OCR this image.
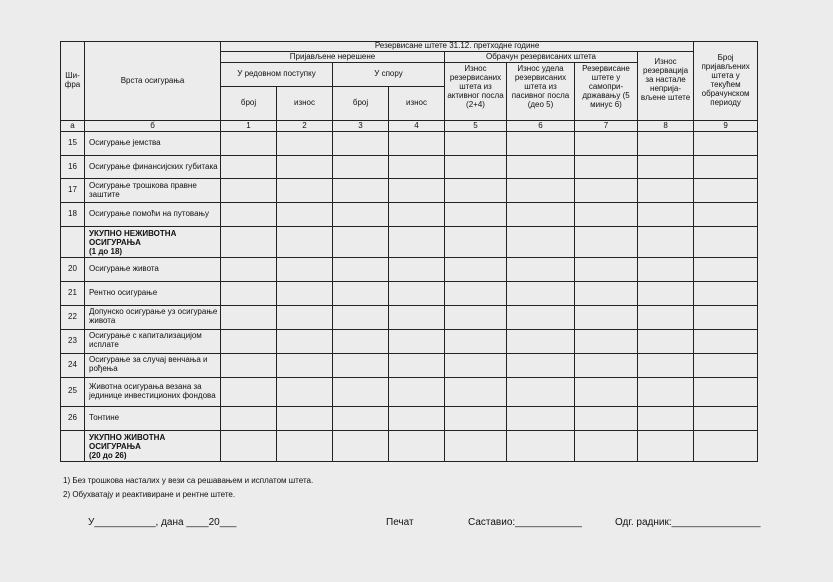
Ши-
фра	Врста осигурања	Резервисане штете 31.12. претходне године								Број пријављених штета у текућем обрачунском периоду
		Пријављене нерешене				Обрачун резервисаних штета			Износ резервација за настале неприја-вљене штете	
		У редовном поступку		У спору		Износ резервисаних штета из активног посла (2+4)	Износ удела резервисаних штета из пасивног посла (део 5)	Резервисане штете у самопри-државању (5 минус 6)		
		број	износ	број	износ					
а	б	1	2	3	4	5	6	7	8	9
15	Осигурање јемства									
16	Осигурање финансијских губитака									
17	Осигурање трошкова правне заштите									
18	Осигурање помоћи на путовању									
	УКУПНО НЕЖИВОТНА ОСИГУРАЊА
(1 до 18)									
20	Осигурање живота									
21	Рентно осигурање									
22	Допунско осигурање уз осигурање живота									
23	Осигурање с капитализацијом исплате									
24	Осигурање за случај венчања и рођења									
25	Животна осигурања везана за јединице инвестиционих фондова									
26	Тонтине									
	УКУПНО ЖИВОТНА ОСИГУРАЊА
(20 до 26)									
1) Без трошкова насталих у вези са решавањем и исплатом штета.
2) Обухватају и реактивиране и рентне штете.
У___________, дана ____20___	Печат	Саставио:____________	Одг. радник:________________
